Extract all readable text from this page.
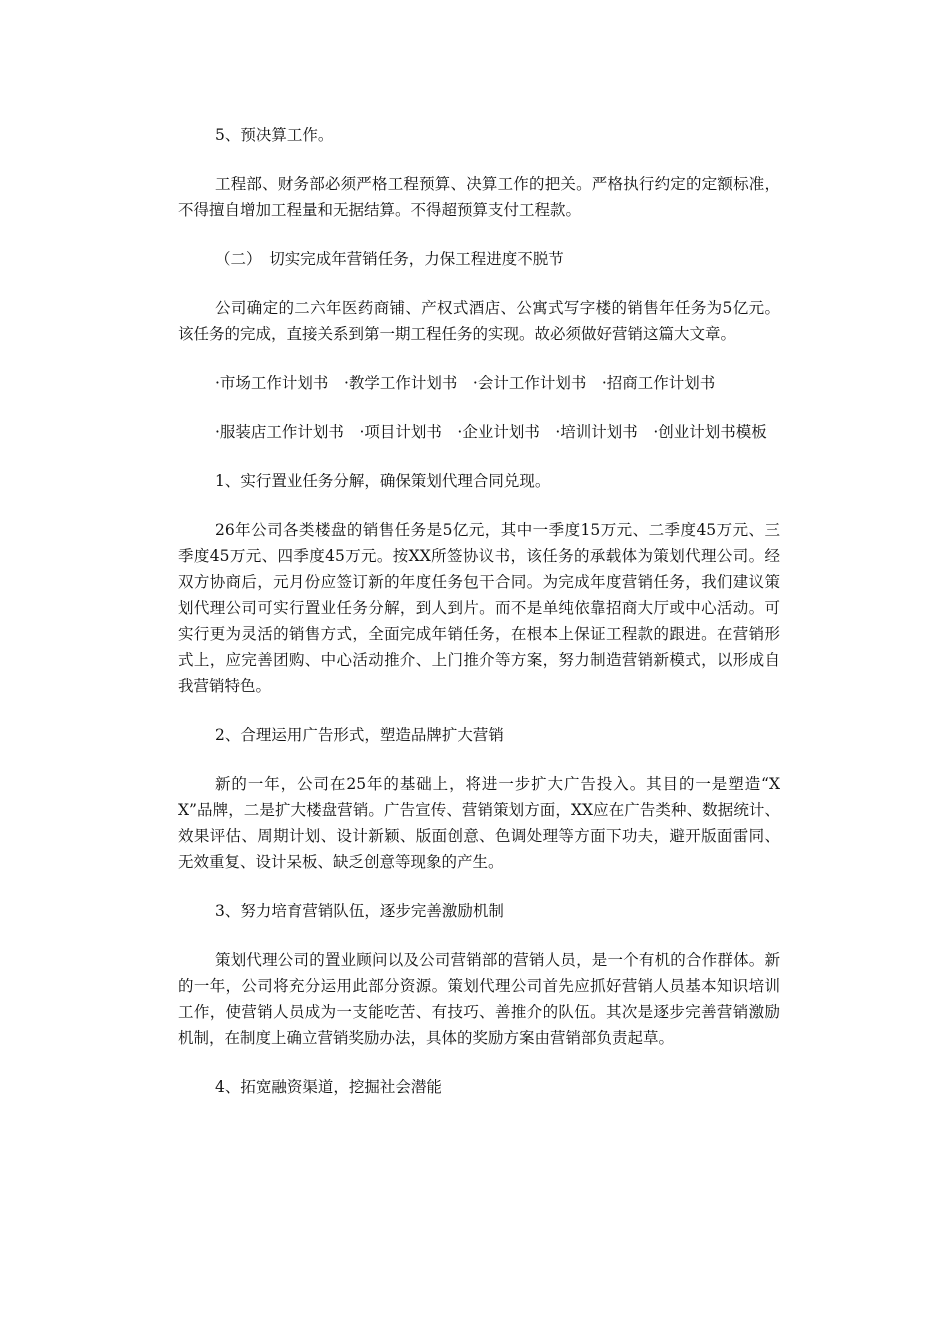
5、预决算工作。

工程部、财务部必须严格工程预算、决算工作的把关。严格执行约定的定额标准，不得擅自增加工程量和无据结算。不得超预算支付工程款。

（二）　切实完成年营销任务，力保工程进度不脱节

公司确定的二六年医药商铺、产权式酒店、公寓式写字楼的销售年任务为5亿元。该任务的完成，直接关系到第一期工程任务的实现。故必须做好营销这篇大文章。

·市场工作计划书　 ·教学工作计划书　 ·会计工作计划书　 ·招商工作计划书

·服装店工作计划书　 ·项目计划书　 ·企业计划书　 ·培训计划书　 ·创业计划书模板

1、实行置业任务分解，确保策划代理合同兑现。

26年公司各类楼盘的销售任务是5亿元，其中一季度15万元、二季度45万元、三季度45万元、四季度45万元。按XX所签协议书，该任务的承载体为策划代理公司。经双方协商后，元月份应签订新的年度任务包干合同。为完成年度营销任务，我们建议策划代理公司可实行置业任务分解，到人到片。而不是单纯依靠招商大厅或中心活动。可实行更为灵活的销售方式，全面完成年销任务，在根本上保证工程款的跟进。在营销形式上，应完善团购、中心活动推介、上门推介等方案，努力制造营销新模式，以形成自我营销特色。

2、合理运用广告形式，塑造品牌扩大营销

新的一年，公司在25年的基础上，将进一步扩大广告投入。其目的一是塑造“XX”品牌，二是扩大楼盘营销。广告宣传、营销策划方面，XX应在广告类种、数据统计、效果评估、周期计划、设计新颖、版面创意、色调处理等方面下功夫，避开版面雷同、无效重复、设计呆板、缺乏创意等现象的产生。

3、努力培育营销队伍，逐步完善激励机制

策划代理公司的置业顾问以及公司营销部的营销人员，是一个有机的合作群体。新的一年，公司将充分运用此部分资源。策划代理公司首先应抓好营销人员基本知识培训工作，使营销人员成为一支能吃苦、有技巧、善推介的队伍。其次是逐步完善营销激励机制，在制度上确立营销奖励办法，具体的奖励方案由营销部负责起草。

4、拓宽融资渠道，挖掘社会潜能
